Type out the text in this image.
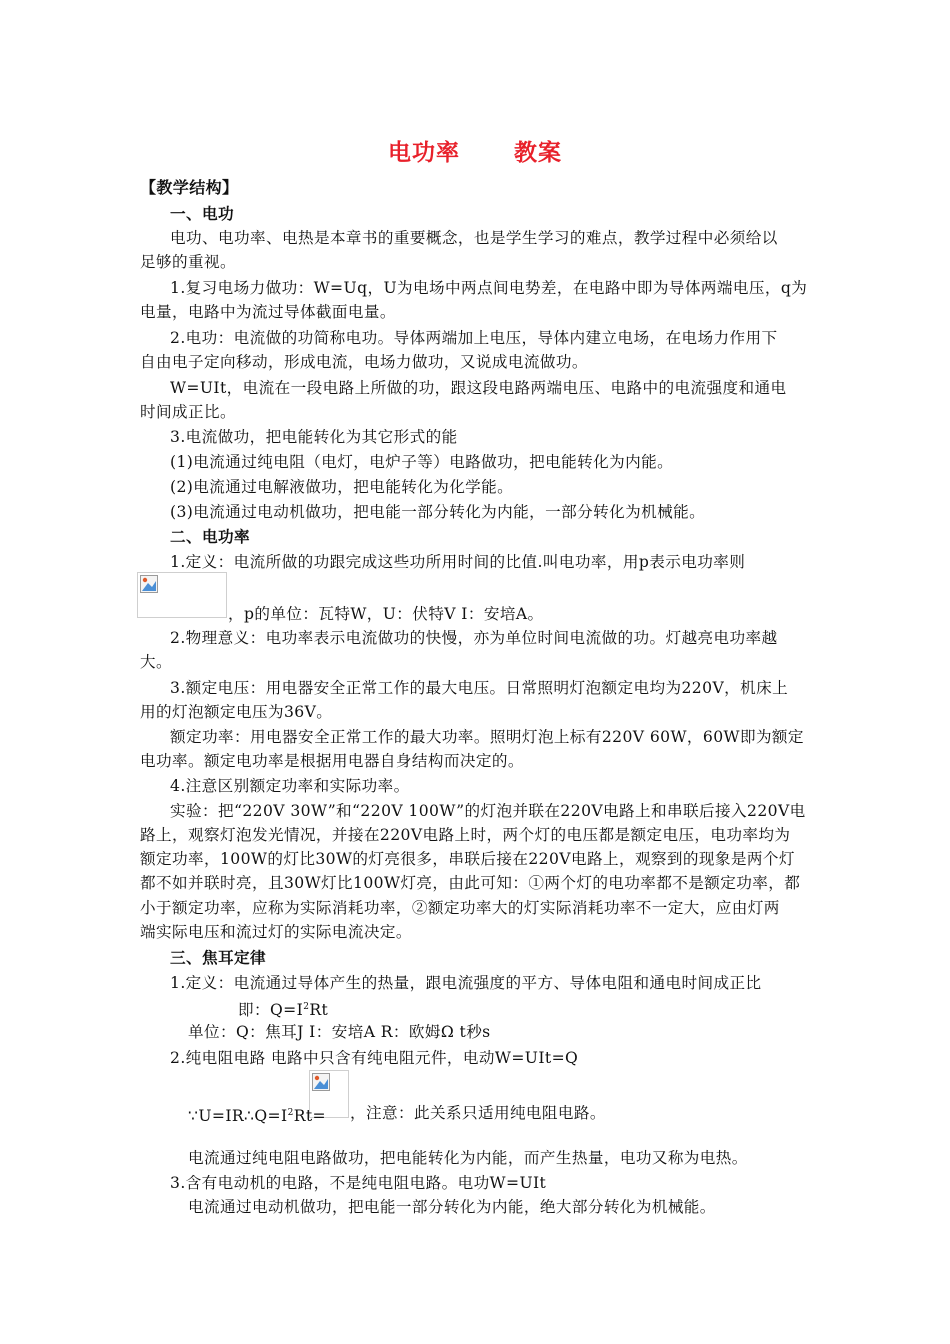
电功率 教案
【教学结构】
一、电功
电功、电功率、电热是本章书的重要概念，也是学生学习的难点，教学过程中必须给以
足够的重视。
1.复习电场力做功：W=Uq，U为电场中两点间电势差，在电路中即为导体两端电压，q为
电量，电路中为流过导体截面电量。
2.电功：电流做的功简称电功。导体两端加上电压，导体内建立电场，在电场力作用下
自由电子定向移动，形成电流，电场力做功，又说成电流做功。
W=UIt，电流在一段电路上所做的功，跟这段电路两端电压、电路中的电流强度和通电
时间成正比。
3.电流做功，把电能转化为其它形式的能
(1)电流通过纯电阻（电灯，电炉子等）电路做功，把电能转化为内能。
(2)电流通过电解液做功，把电能转化为化学能。
(3)电流通过电动机做功，把电能一部分转化为内能，一部分转化为机械能。
二、电功率
1.定义：电流所做的功跟完成这些功所用时间的比值.叫电功率，用p表示电功率则
，p的单位：瓦特W，U：伏特V I：安培A。
2.物理意义：电功率表示电流做功的快慢，亦为单位时间电流做的功。灯越亮电功率越
大。
3.额定电压：用电器安全正常工作的最大电压。日常照明灯泡额定电均为220V，机床上
用的灯泡额定电压为36V。
额定功率：用电器安全正常工作的最大功率。照明灯泡上标有220V 60W，60W即为额定
电功率。额定电功率是根据用电器自身结构而决定的。
4.注意区别额定功率和实际功率。
实验：把“220V 30W”和“220V 100W”的灯泡并联在220V电路上和串联后接入220V电
路上，观察灯泡发光情况，并接在220V电路上时，两个灯的电压都是额定电压，电功率均为
额定功率，100W的灯比30W的灯亮很多，串联后接在220V电路上，观察到的现象是两个灯
都不如并联时亮，且30W灯比100W灯亮，由此可知：①两个灯的电功率都不是额定功率，都
小于额定功率，应称为实际消耗功率，②额定功率大的灯实际消耗功率不一定大，应由灯两
端实际电压和流过灯的实际电流决定。
三、焦耳定律
1.定义：电流通过导体产生的热量，跟电流强度的平方、导体电阻和通电时间成正比
即：$Q=I^2Rt$
单位：Q：焦耳J I：安培A R：欧姆Ω t秒s
2.纯电阻电路 电路中只含有纯电阻元件，电动W=UIt=Q
$\because U=IR\therefore Q=I^2Rt=$	，注意：此关系只适用纯电阻电路。
电流通过纯电阻电路做功，把电能转化为内能，而产生热量，电功又称为电热。
3.含有电动机的电路，不是纯电阻电路。电功W=UIt
电流通过电动机做功，把电能一部分转化为内能，绝大部分转化为机械能。
